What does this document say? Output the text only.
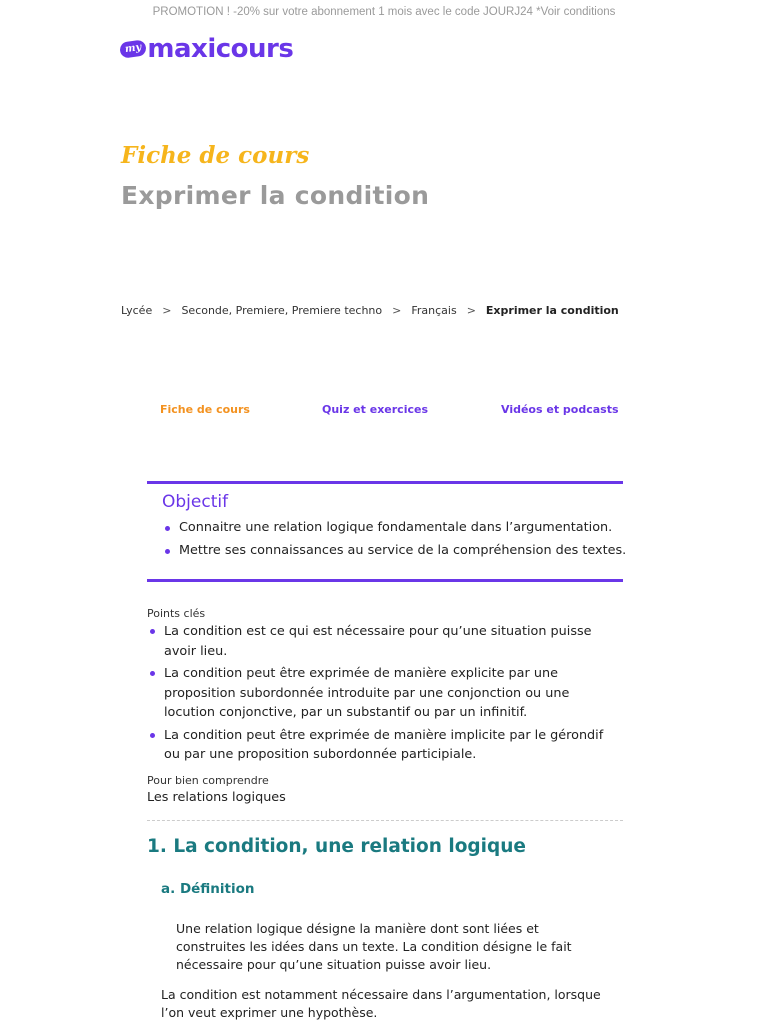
PROMOTION ! -20% sur votre abonnement 1 mois avec le code JOURJ24 *Voir conditions
my maxicours
Fiche de cours
Exprimer la condition
Lycée > Seconde, Premiere, Premiere techno > Français > Exprimer la condition
Fiche de cours	Quiz et exercices	Vidéos et podcasts
Objectif
Connaitre une relation logique fondamentale dans l’argumentation.
Mettre ses connaissances au service de la compréhension des textes.
Points clés
La condition est ce qui est nécessaire pour qu’une situation puisse avoir lieu.
La condition peut être exprimée de manière explicite par une proposition subordonnée introduite par une conjonction ou une locution conjonctive, par un substantif ou par un infinitif.
La condition peut être exprimée de manière implicite par le gérondif ou par une proposition subordonnée participiale.
Pour bien comprendre
Les relations logiques
1. La condition, une relation logique
a. Définition

Une relation logique désigne la manière dont sont liées et construites les idées dans un texte. La condition désigne le fait nécessaire pour qu’une situation puisse avoir lieu.

La condition est notamment nécessaire dans l’argumentation, lorsque l’on veut exprimer une hypothèse.
